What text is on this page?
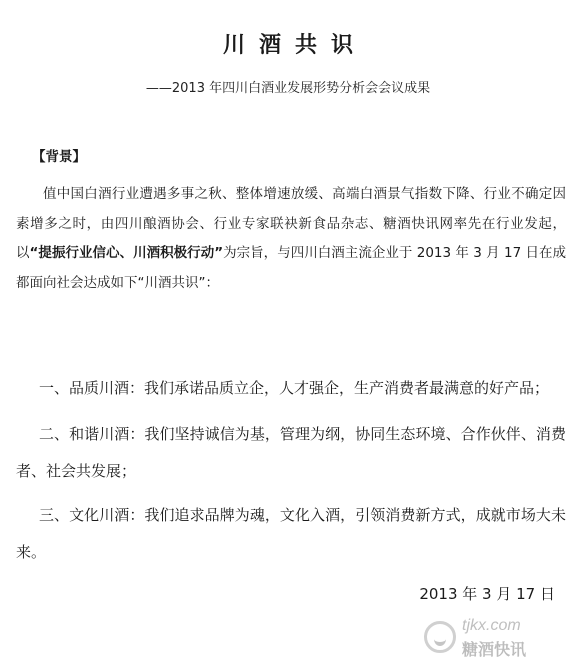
川酒共识
——2013 年四川白酒业发展形势分析会会议成果
【背景】

值中国白酒行业遭遇多事之秋、整体增速放缓、高端白酒景气指数下降、行业不确定因素增多之时，由四川酿酒协会、行业专家联袂新食品杂志、糖酒快讯网率先在行业发起，以“提振行业信心、川酒积极行动”为宗旨，与四川白酒主流企业于 2013 年 3 月 17 日在成都面向社会达成如下“川酒共识”：

一、品质川酒：我们承诺品质立企，人才强企，生产消费者最满意的好产品；

二、和谐川酒：我们坚持诚信为基，管理为纲，协同生态环境、合作伙伴、消费者、社会共发展；

三、文化川酒：我们追求品牌为魂，文化入酒，引领消费新方式，成就市场大未来。

2013 年 3 月 17 日
tjkx.com
糖酒快讯
